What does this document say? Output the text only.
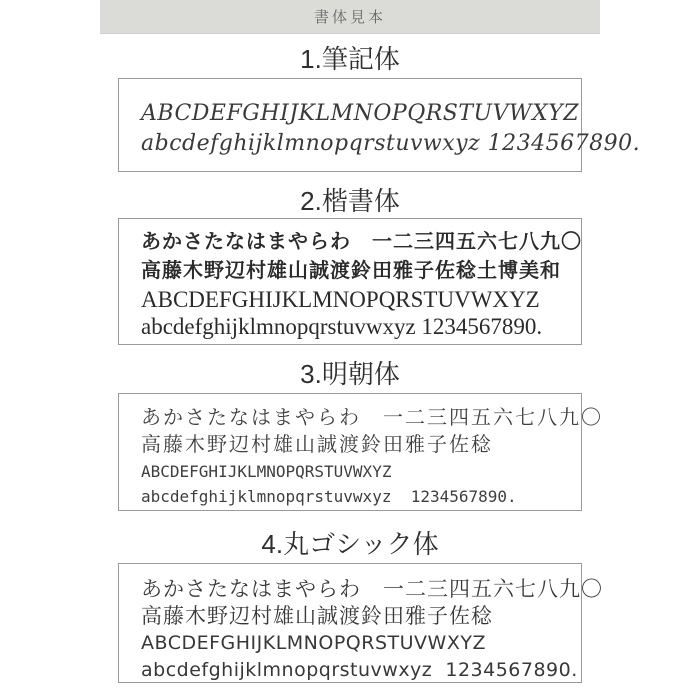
書体見本
1.筆記体
ABCDEFGHIJKLMNOPQRSTUVWXYZ
abcdefghijklmnopqrstuvwxyz 1234567890.
2.楷書体
あかさたなはまやらわ　一二三四五六七八九〇
高藤木野辺村雄山誠渡鈴田雅子佐稔土博美和
ABCDEFGHIJKLMNOPQRSTUVWXYZ
abcdefghijklmnopqrstuvwxyz 1234567890.
3.明朝体
あかさたなはまやらわ　一二三四五六七八九〇
高藤木野辺村雄山誠渡鈴田雅子佐稔
ABCDEFGHIJKLMNOPQRSTUVWXYZ
abcdefghijklmnopqrstuvwxyz  1234567890.
4.丸ゴシック体
あかさたなはまやらわ　一二三四五六七八九〇
高藤木野辺村雄山誠渡鈴田雅子佐稔
ABCDEFGHIJKLMNOPQRSTUVWXYZ
abcdefghijklmnopqrstuvwxyz  1234567890.
